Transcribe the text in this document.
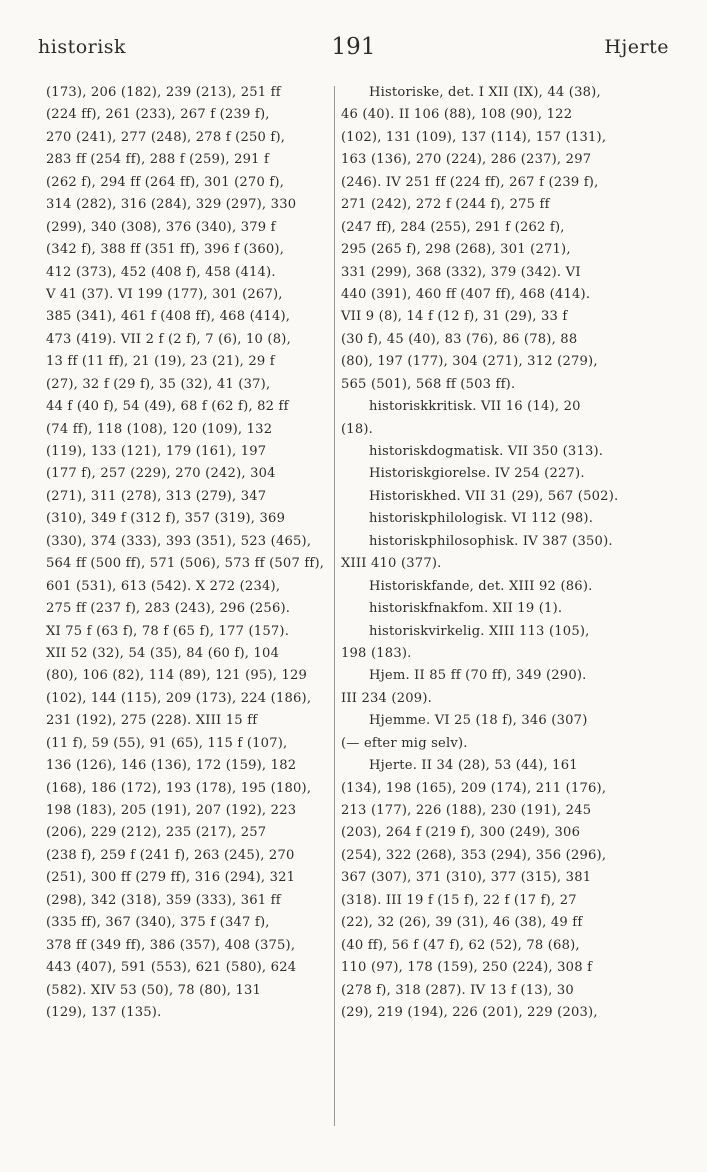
historisk	191	Hjerte
(173), 206 (182), 239 (213), 251 ff
(224 ff), 261 (233), 267 f (239 f),
270 (241), 277 (248), 278 f (250 f),
283 ff (254 ff), 288 f (259), 291 f
(262 f), 294 ff (264 ff), 301 (270 f),
314 (282), 316 (284), 329 (297), 330
(299), 340 (308), 376 (340), 379 f
(342 f), 388 ff (351 ff), 396 f (360),
412 (373), 452 (408 f), 458 (414).
V 41 (37). VI 199 (177), 301 (267),
385 (341), 461 f (408 ff), 468 (414),
473 (419). VII 2 f (2 f), 7 (6), 10 (8),
13 ff (11 ff), 21 (19), 23 (21), 29 f
(27), 32 f (29 f), 35 (32), 41 (37),
44 f (40 f), 54 (49), 68 f (62 f), 82 ff
(74 ff), 118 (108), 120 (109), 132
(119), 133 (121), 179 (161), 197
(177 f), 257 (229), 270 (242), 304
(271), 311 (278), 313 (279), 347
(310), 349 f (312 f), 357 (319), 369
(330), 374 (333), 393 (351), 523 (465),
564 ff (500 ff), 571 (506), 573 ff (507 ff),
601 (531), 613 (542). X 272 (234),
275 ff (237 f), 283 (243), 296 (256).
XI 75 f (63 f), 78 f (65 f), 177 (157).
XII 52 (32), 54 (35), 84 (60 f), 104
(80), 106 (82), 114 (89), 121 (95), 129
(102), 144 (115), 209 (173), 224 (186),
231 (192), 275 (228). XIII 15 ff
(11 f), 59 (55), 91 (65), 115 f (107),
136 (126), 146 (136), 172 (159), 182
(168), 186 (172), 193 (178), 195 (180),
198 (183), 205 (191), 207 (192), 223
(206), 229 (212), 235 (217), 257
(238 f), 259 f (241 f), 263 (245), 270
(251), 300 ff (279 ff), 316 (294), 321
(298), 342 (318), 359 (333), 361 ff
(335 ff), 367 (340), 375 f (347 f),
378 ff (349 ff), 386 (357), 408 (375),
443 (407), 591 (553), 621 (580), 624
(582). XIV 53 (50), 78 (80), 131
(129), 137 (135).
Historiske, det. I XII (IX), 44 (38),
46 (40). II 106 (88), 108 (90), 122
(102), 131 (109), 137 (114), 157 (131),
163 (136), 270 (224), 286 (237), 297
(246). IV 251 ff (224 ff), 267 f (239 f),
271 (242), 272 f (244 f), 275 ff
(247 ff), 284 (255), 291 f (262 f),
295 (265 f), 298 (268), 301 (271),
331 (299), 368 (332), 379 (342). VI
440 (391), 460 ff (407 ff), 468 (414).
VII 9 (8), 14 f (12 f), 31 (29), 33 f
(30 f), 45 (40), 83 (76), 86 (78), 88
(80), 197 (177), 304 (271), 312 (279),
565 (501), 568 ff (503 ff).
historiskkritisk. VII 16 (14), 20
(18).
historiskdogmatisk. VII 350 (313).
Historiskgiorelse. IV 254 (227).
Historiskhed. VII 31 (29), 567 (502).
historiskphilologisk. VI 112 (98).
historiskphilosophisk. IV 387 (350).
XIII 410 (377).
Historiskfande, det. XIII 92 (86).
historiskfnakfom. XII 19 (1).
historiskvirkelig. XIII 113 (105),
198 (183).
Hjem. II 85 ff (70 ff), 349 (290).
III 234 (209).
Hjemme. VI 25 (18 f), 346 (307)
(— efter mig selv).
Hjerte. II 34 (28), 53 (44), 161
(134), 198 (165), 209 (174), 211 (176),
213 (177), 226 (188), 230 (191), 245
(203), 264 f (219 f), 300 (249), 306
(254), 322 (268), 353 (294), 356 (296),
367 (307), 371 (310), 377 (315), 381
(318). III 19 f (15 f), 22 f (17 f), 27
(22), 32 (26), 39 (31), 46 (38), 49 ff
(40 ff), 56 f (47 f), 62 (52), 78 (68),
110 (97), 178 (159), 250 (224), 308 f
(278 f), 318 (287). IV 13 f (13), 30
(29), 219 (194), 226 (201), 229 (203),
